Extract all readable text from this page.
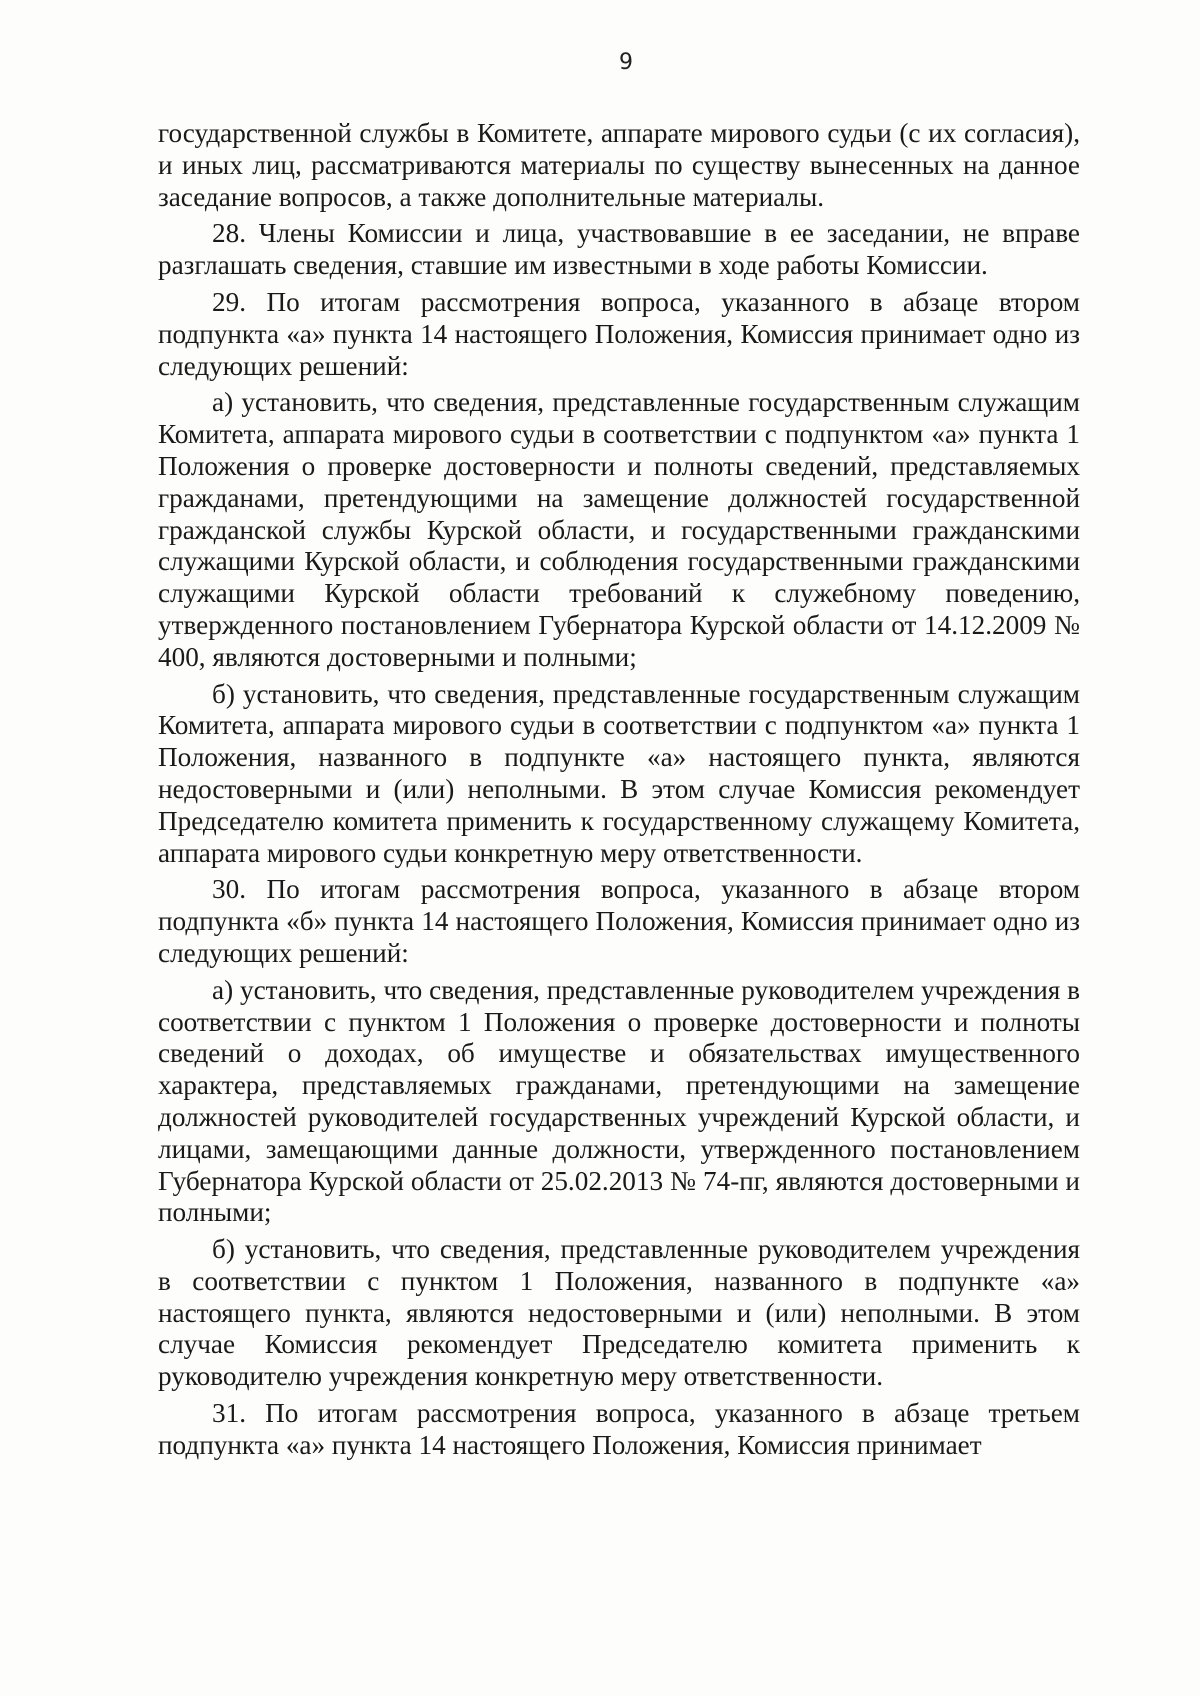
9

государственной службы в Комитете, аппарате мирового судьи (с их согласия), и иных лиц, рассматриваются материалы по существу вынесенных на данное заседание вопросов, а также дополнительные материалы.

28. Члены Комиссии и лица, участвовавшие в ее заседании, не вправе разглашать сведения, ставшие им известными в ходе работы Комиссии.

29. По итогам рассмотрения вопроса, указанного в абзаце втором подпункта «а» пункта 14 настоящего Положения, Комиссия принимает одно из следующих решений:

а) установить, что сведения, представленные государственным служащим Комитета, аппарата мирового судьи в соответствии с подпунктом «а» пункта 1 Положения о проверке достоверности и полноты сведений, представляемых гражданами, претендующими на замещение должностей государственной гражданской службы Курской области, и государственными гражданскими служащими Курской области, и соблюдения государственными гражданскими служащими Курской области требований к служебному поведению, утвержденного постановлением Губернатора Курской области от 14.12.2009 № 400, являются достоверными и полными;

б) установить, что сведения, представленные государственным служащим Комитета, аппарата мирового судьи в соответствии с подпунктом «а» пункта 1 Положения, названного в подпункте «а» настоящего пункта, являются недостоверными и (или) неполными. В этом случае Комиссия рекомендует Председателю комитета применить к государственному служащему Комитета, аппарата мирового судьи конкретную меру ответственности.

30. По итогам рассмотрения вопроса, указанного в абзаце втором подпункта «б» пункта 14 настоящего Положения, Комиссия принимает одно из следующих решений:

а) установить, что сведения, представленные руководителем учреждения в соответствии с пунктом 1 Положения о проверке достоверности и полноты сведений о доходах, об имуществе и обязательствах имущественного характера, представляемых гражданами, претендующими на замещение должностей руководителей государственных учреждений Курской области, и лицами, замещающими данные должности, утвержденного постановлением Губернатора Курской области от 25.02.2013 № 74-пг, являются достоверными и полными;

б) установить, что сведения, представленные руководителем учреждения в соответствии с пунктом 1 Положения, названного в подпункте «а» настоящего пункта, являются недостоверными и (или) неполными. В этом случае Комиссия рекомендует Председателю комитета применить к руководителю учреждения конкретную меру ответственности.

31. По итогам рассмотрения вопроса, указанного в абзаце третьем подпункта «а» пункта 14 настоящего Положения, Комиссия принимает
